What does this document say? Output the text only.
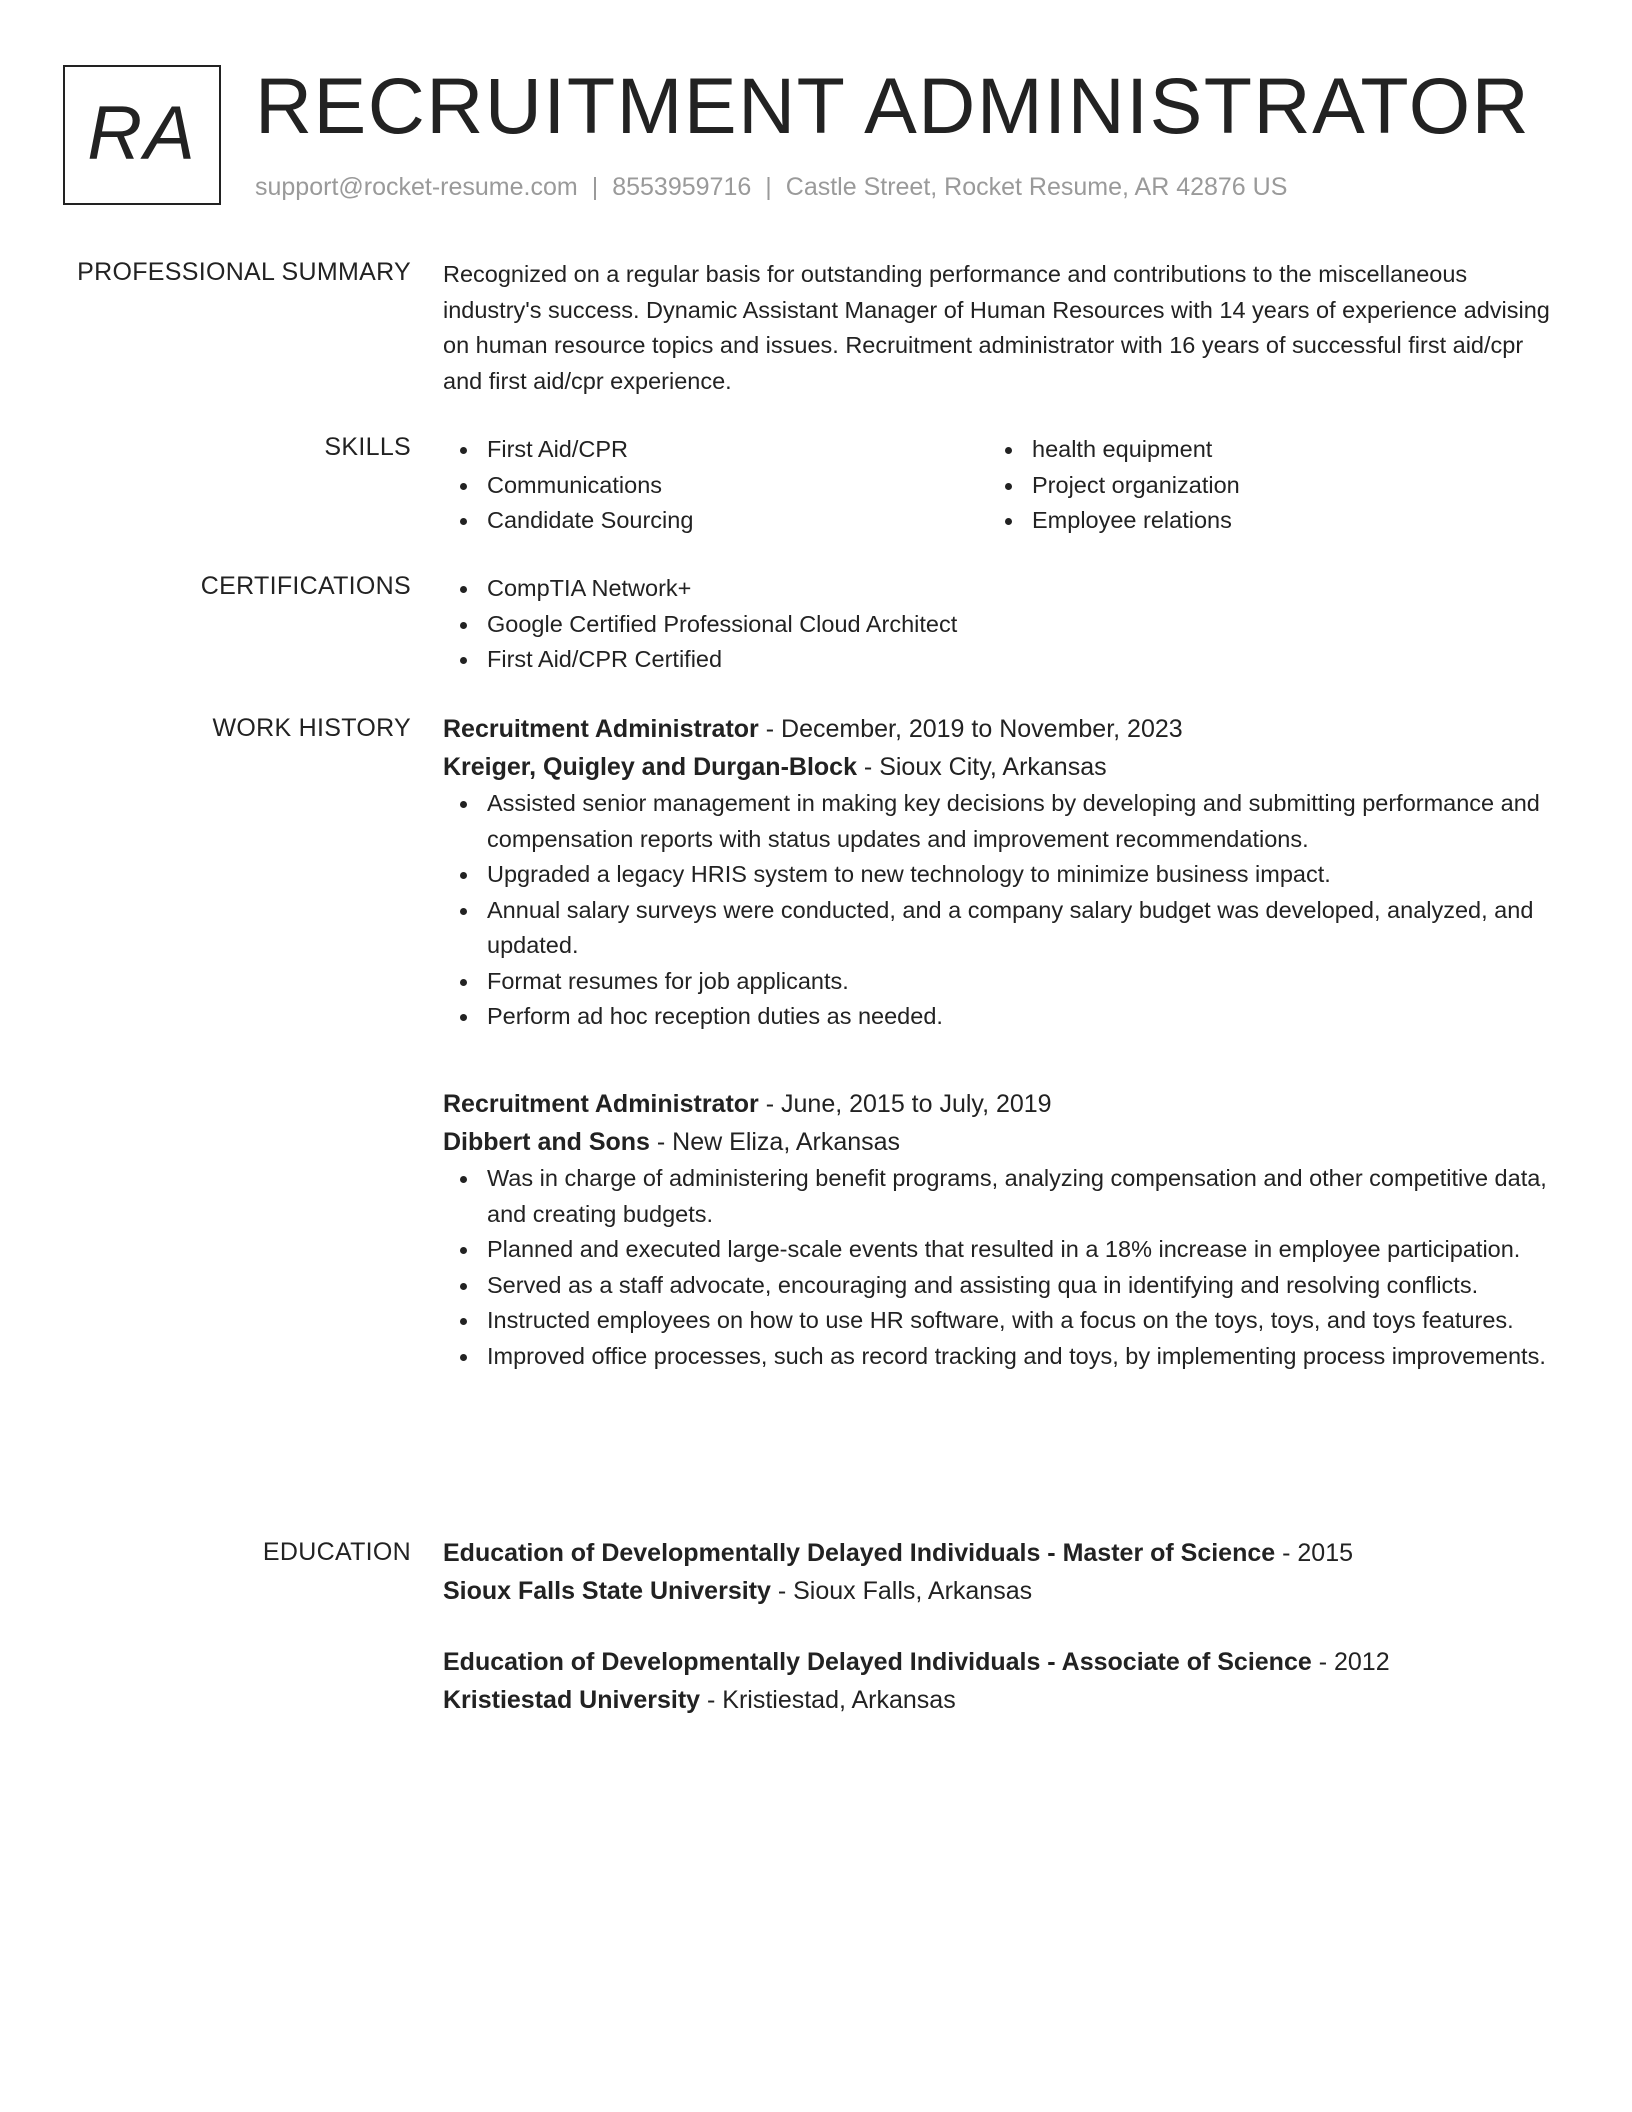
RA RECRUITMENT ADMINISTRATOR
support@rocket-resume.com | 8553959716 | Castle Street, Rocket Resume, AR 42876 US
PROFESSIONAL SUMMARY Recognized on a regular basis for outstanding performance and contributions to the miscellaneous industry's success. Dynamic Assistant Manager of Human Resources with 14 years of experience advising on human resource topics and issues. Recruitment administrator with 16 years of successful first aid/cpr and first aid/cpr experience.

SKILLS	First Aid/CPR
Communications
Candidate Sourcing
health equipment
Project organization
Employee relations
CERTIFICATIONS	CompTIA Network+
Google Certified Professional Cloud Architect
First Aid/CPR Certified
WORK HISTORY Recruitment Administrator - December, 2019 to November, 2023
Kreiger, Quigley and Durgan-Block - Sioux City, Arkansas
Assisted senior management in making key decisions by developing and submitting performance and compensation reports with status updates and improvement recommendations.
Upgraded a legacy HRIS system to new technology to minimize business impact.
Annual salary surveys were conducted, and a company salary budget was developed, analyzed, and updated.
Format resumes for job applicants.
Perform ad hoc reception duties as needed.
Recruitment Administrator - June, 2015 to July, 2019
Dibbert and Sons - New Eliza, Arkansas
Was in charge of administering benefit programs, analyzing compensation and other competitive data, and creating budgets.
Planned and executed large-scale events that resulted in a 18% increase in employee participation.
Served as a staff advocate, encouraging and assisting qua in identifying and resolving conflicts.
Instructed employees on how to use HR software, with a focus on the toys, toys, and toys features.
Improved office processes, such as record tracking and toys, by implementing process improvements.
EDUCATION Education of Developmentally Delayed Individuals - Master of Science - 2015
Sioux Falls State University - Sioux Falls, Arkansas
Education of Developmentally Delayed Individuals - Associate of Science - 2012
Kristiestad University - Kristiestad, Arkansas
